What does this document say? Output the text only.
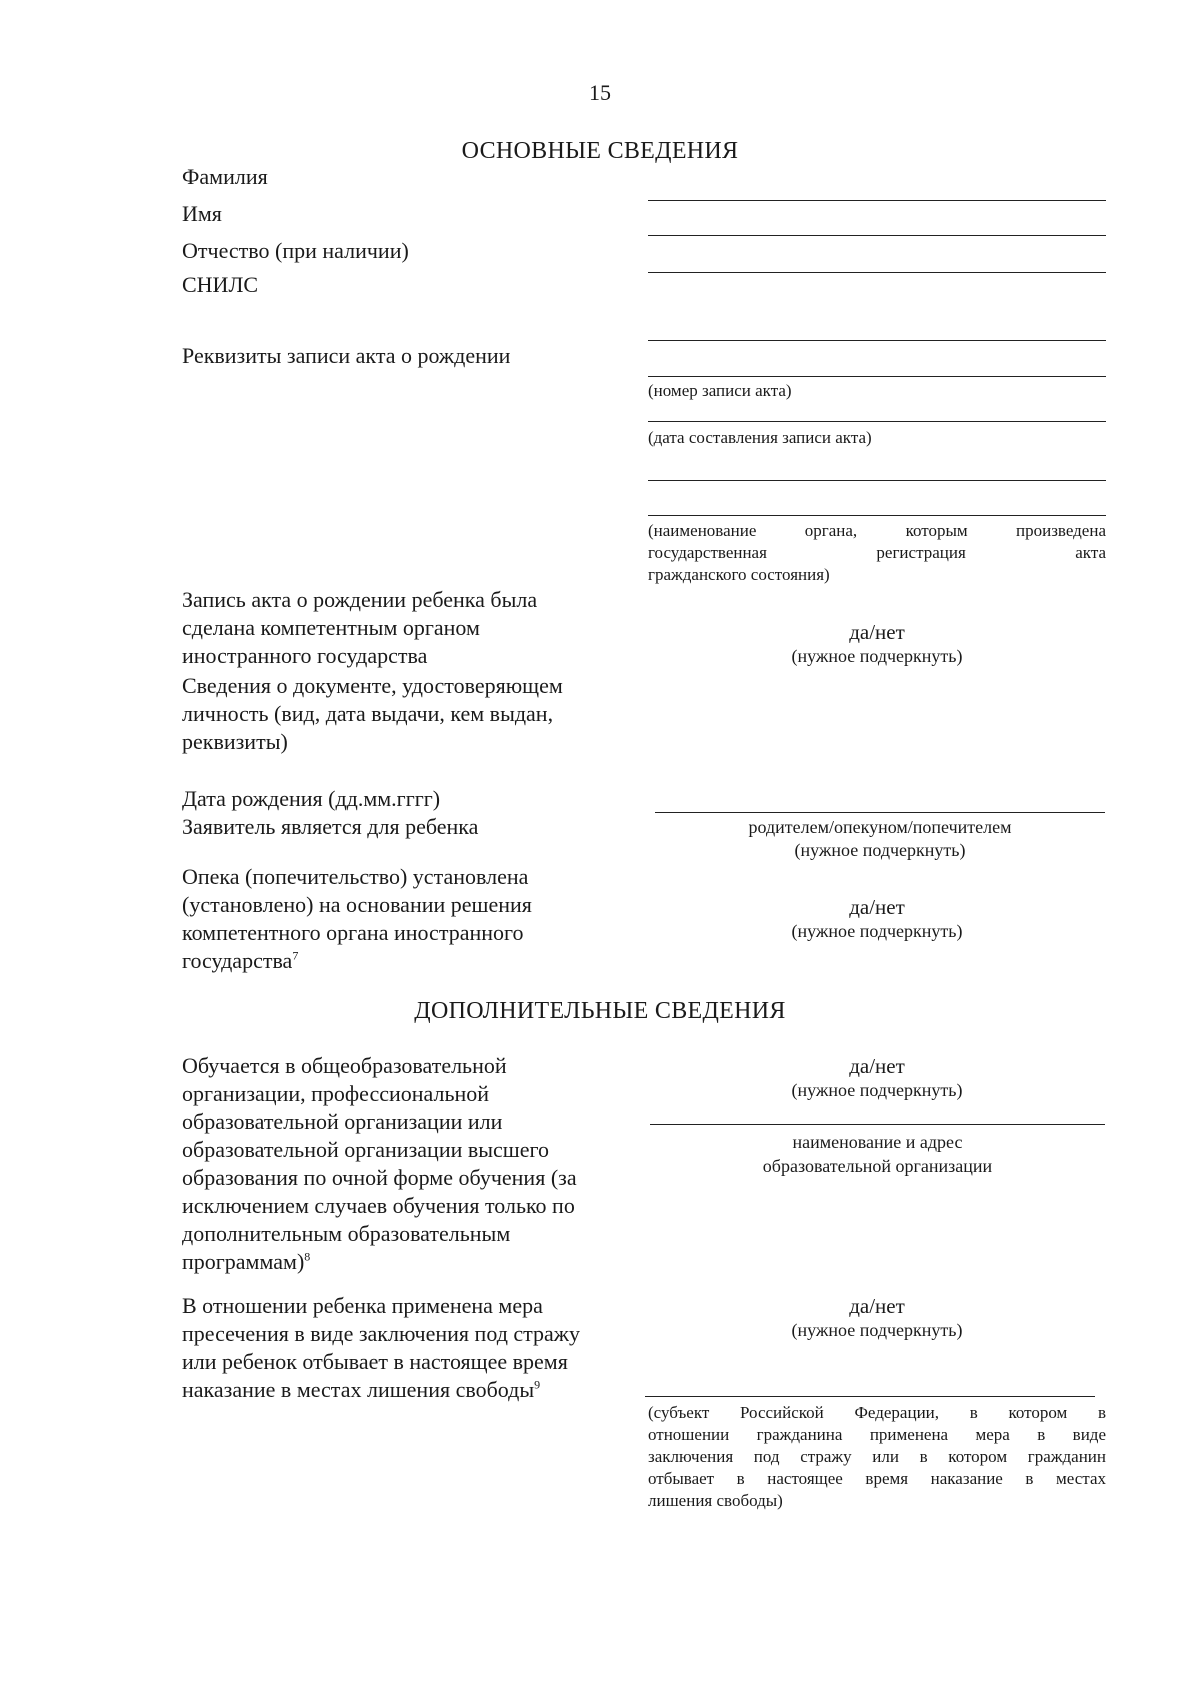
15
ОСНОВНЫЕ СВЕДЕНИЯ
Фамилия
Имя
Отчество (при наличии)
СНИЛС
Реквизиты записи акта о рождении
(номер записи акта)
(дата составления записи акта)
(наименование органа, которым произведена
государственная регистрация акта
гражданского состояния)
Запись акта о рождении ребенка была
сделана компетентным органом
иностранного государства
да/нет
(нужное подчеркнуть)
Сведения о документе, удостоверяющем
личность (вид, дата выдачи, кем выдан,
реквизиты)
Дата рождения (дд.мм.гггг)
Заявитель является для ребенка	родителем/опекуном/попечителем
(нужное подчеркнуть)
Опека (попечительство) установлена
(установлено) на основании решения
компетентного органа иностранного
государства$^7$
да/нет
(нужное подчеркнуть)
ДОПОЛНИТЕЛЬНЫЕ СВЕДЕНИЯ
Обучается в общеобразовательной
организации, профессиональной
образовательной организации или
образовательной организации высшего
образования по очной форме обучения (за
исключением случаев обучения только по
дополнительным образовательным
программам)$^8$
да/нет
(нужное подчеркнуть)
наименование и адрес
образовательной организации
В отношении ребенка применена мера
пресечения в виде заключения под стражу
или ребенок отбывает в настоящее время
наказание в местах лишения свободы$^9$
да/нет
(нужное подчеркнуть)
(субъект Российской Федерации, в котором в
отношении гражданина применена мера в виде
заключения под стражу или в котором гражданин
отбывает в настоящее время наказание в местах
лишения свободы)
